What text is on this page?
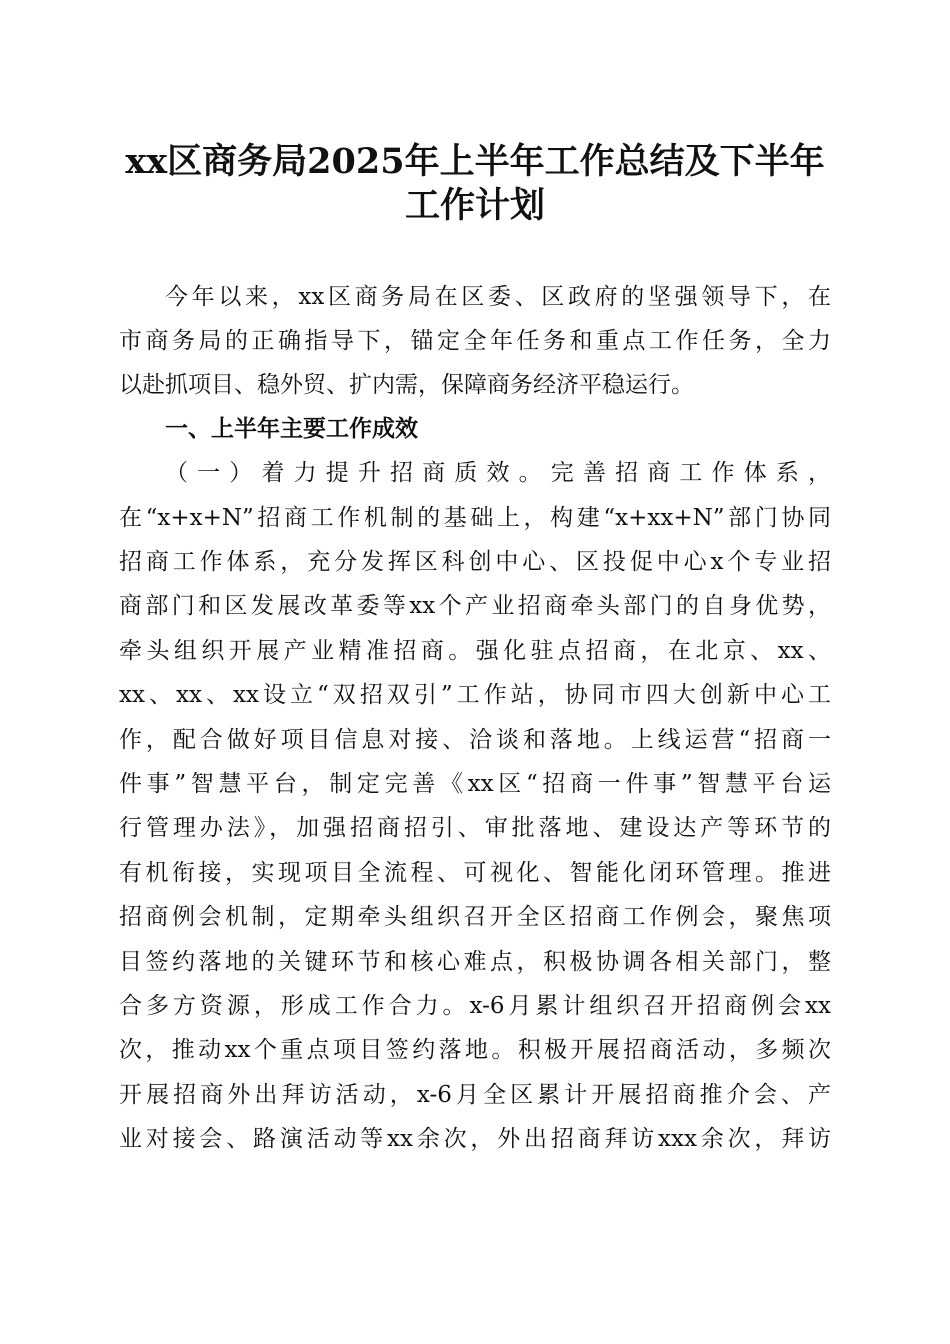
xx区商务局2025年上半年工作总结及下半年
工作计划
今年以来，xx区商务局在区委、区政府的坚强领导下，在
市商务局的正确指导下，锚定全年任务和重点工作任务，全力
以赴抓项目、稳外贸、扩内需，保障商务经济平稳运行。
一、上半年主要工作成效
（一）着力提升招商质效。完善招商工作体系，
在“x+x+N”招商工作机制的基础上，构建“x+xx+N”部门协同
招商工作体系，充分发挥区科创中心、区投促中心x个专业招
商部门和区发展改革委等xx个产业招商牵头部门的自身优势，
牵头组织开展产业精准招商。强化驻点招商，在北京、xx、
xx、xx、xx设立“双招双引”工作站，协同市四大创新中心工
作，配合做好项目信息对接、洽谈和落地。上线运营“招商一
件事”智慧平台，制定完善《xx区“招商一件事”智慧平台运
行管理办法》，加强招商招引、审批落地、建设达产等环节的
有机衔接，实现项目全流程、可视化、智能化闭环管理。推进
招商例会机制，定期牵头组织召开全区招商工作例会，聚焦项
目签约落地的关键环节和核心难点，积极协调各相关部门，整
合多方资源，形成工作合力。x-6月累计组织召开招商例会xx
次，推动xx个重点项目签约落地。积极开展招商活动，多频次
开展招商外出拜访活动，x-6月全区累计开展招商推介会、产
业对接会、路演活动等xx余次，外出招商拜访xxx余次，拜访
